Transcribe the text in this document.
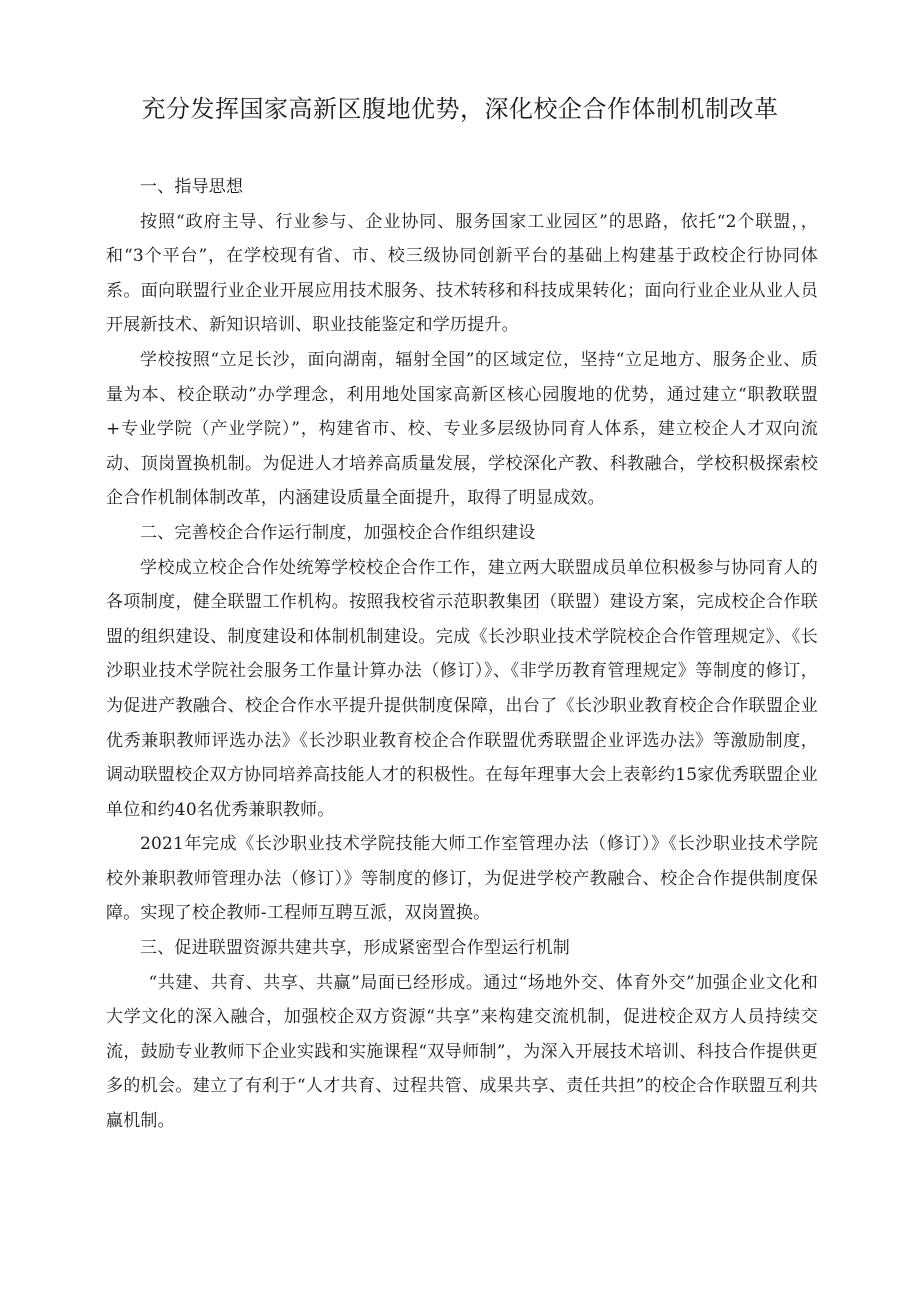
充分发挥国家高新区腹地优势，深化校企合作体制机制改革

一、指导思想

按照“政府主导、行业参与、企业协同、服务国家工业园区”的思路，依托“2个联盟，，和“3个平台”，在学校现有省、市、校三级协同创新平台的基础上构建基于政校企行协同体系。面向联盟行业企业开展应用技术服务、技术转移和科技成果转化；面向行业企业从业人员开展新技术、新知识培训、职业技能鉴定和学历提升。

学校按照“立足长沙，面向湖南，辐射全国”的区域定位，坚持“立足地方、服务企业、质量为本、校企联动”办学理念，利用地处国家高新区核心园腹地的优势，通过建立“职教联盟+专业学院（产业学院）”，构建省市、校、专业多层级协同育人体系，建立校企人才双向流动、顶岗置换机制。为促进人才培养高质量发展，学校深化产教、科教融合，学校积极探索校企合作机制体制改革，内涵建设质量全面提升，取得了明显成效。

二、完善校企合作运行制度，加强校企合作组织建设

学校成立校企合作处统筹学校校企合作工作，建立两大联盟成员单位积极参与协同育人的各项制度，健全联盟工作机构。按照我校省示范职教集团（联盟）建设方案，完成校企合作联盟的组织建设、制度建设和体制机制建设。完成《长沙职业技术学院校企合作管理规定》、《长沙职业技术学院社会服务工作量计算办法（修订）》、《非学历教育管理规定》等制度的修订，为促进产教融合、校企合作水平提升提供制度保障，出台了《长沙职业教育校企合作联盟企业优秀兼职教师评选办法》《长沙职业教育校企合作联盟优秀联盟企业评选办法》等激励制度，调动联盟校企双方协同培养高技能人才的积极性。在每年理事大会上表彰约15家优秀联盟企业单位和约40名优秀兼职教师。

2021年完成《长沙职业技术学院技能大师工作室管理办法（修订）》《长沙职业技术学院校外兼职教师管理办法（修订）》等制度的修订，为促进学校产教融合、校企合作提供制度保障。实现了校企教师-工程师互聘互派，双岗置换。

三、促进联盟资源共建共享，形成紧密型合作型运行机制

“共建、共育、共享、共赢”局面已经形成。通过“场地外交、体育外交”加强企业文化和大学文化的深入融合，加强校企双方资源“共享”来构建交流机制，促进校企双方人员持续交流，鼓励专业教师下企业实践和实施课程“双导师制”，为深入开展技术培训、科技合作提供更多的机会。建立了有利于“人才共育、过程共管、成果共享、责任共担”的校企合作联盟互利共赢机制。
